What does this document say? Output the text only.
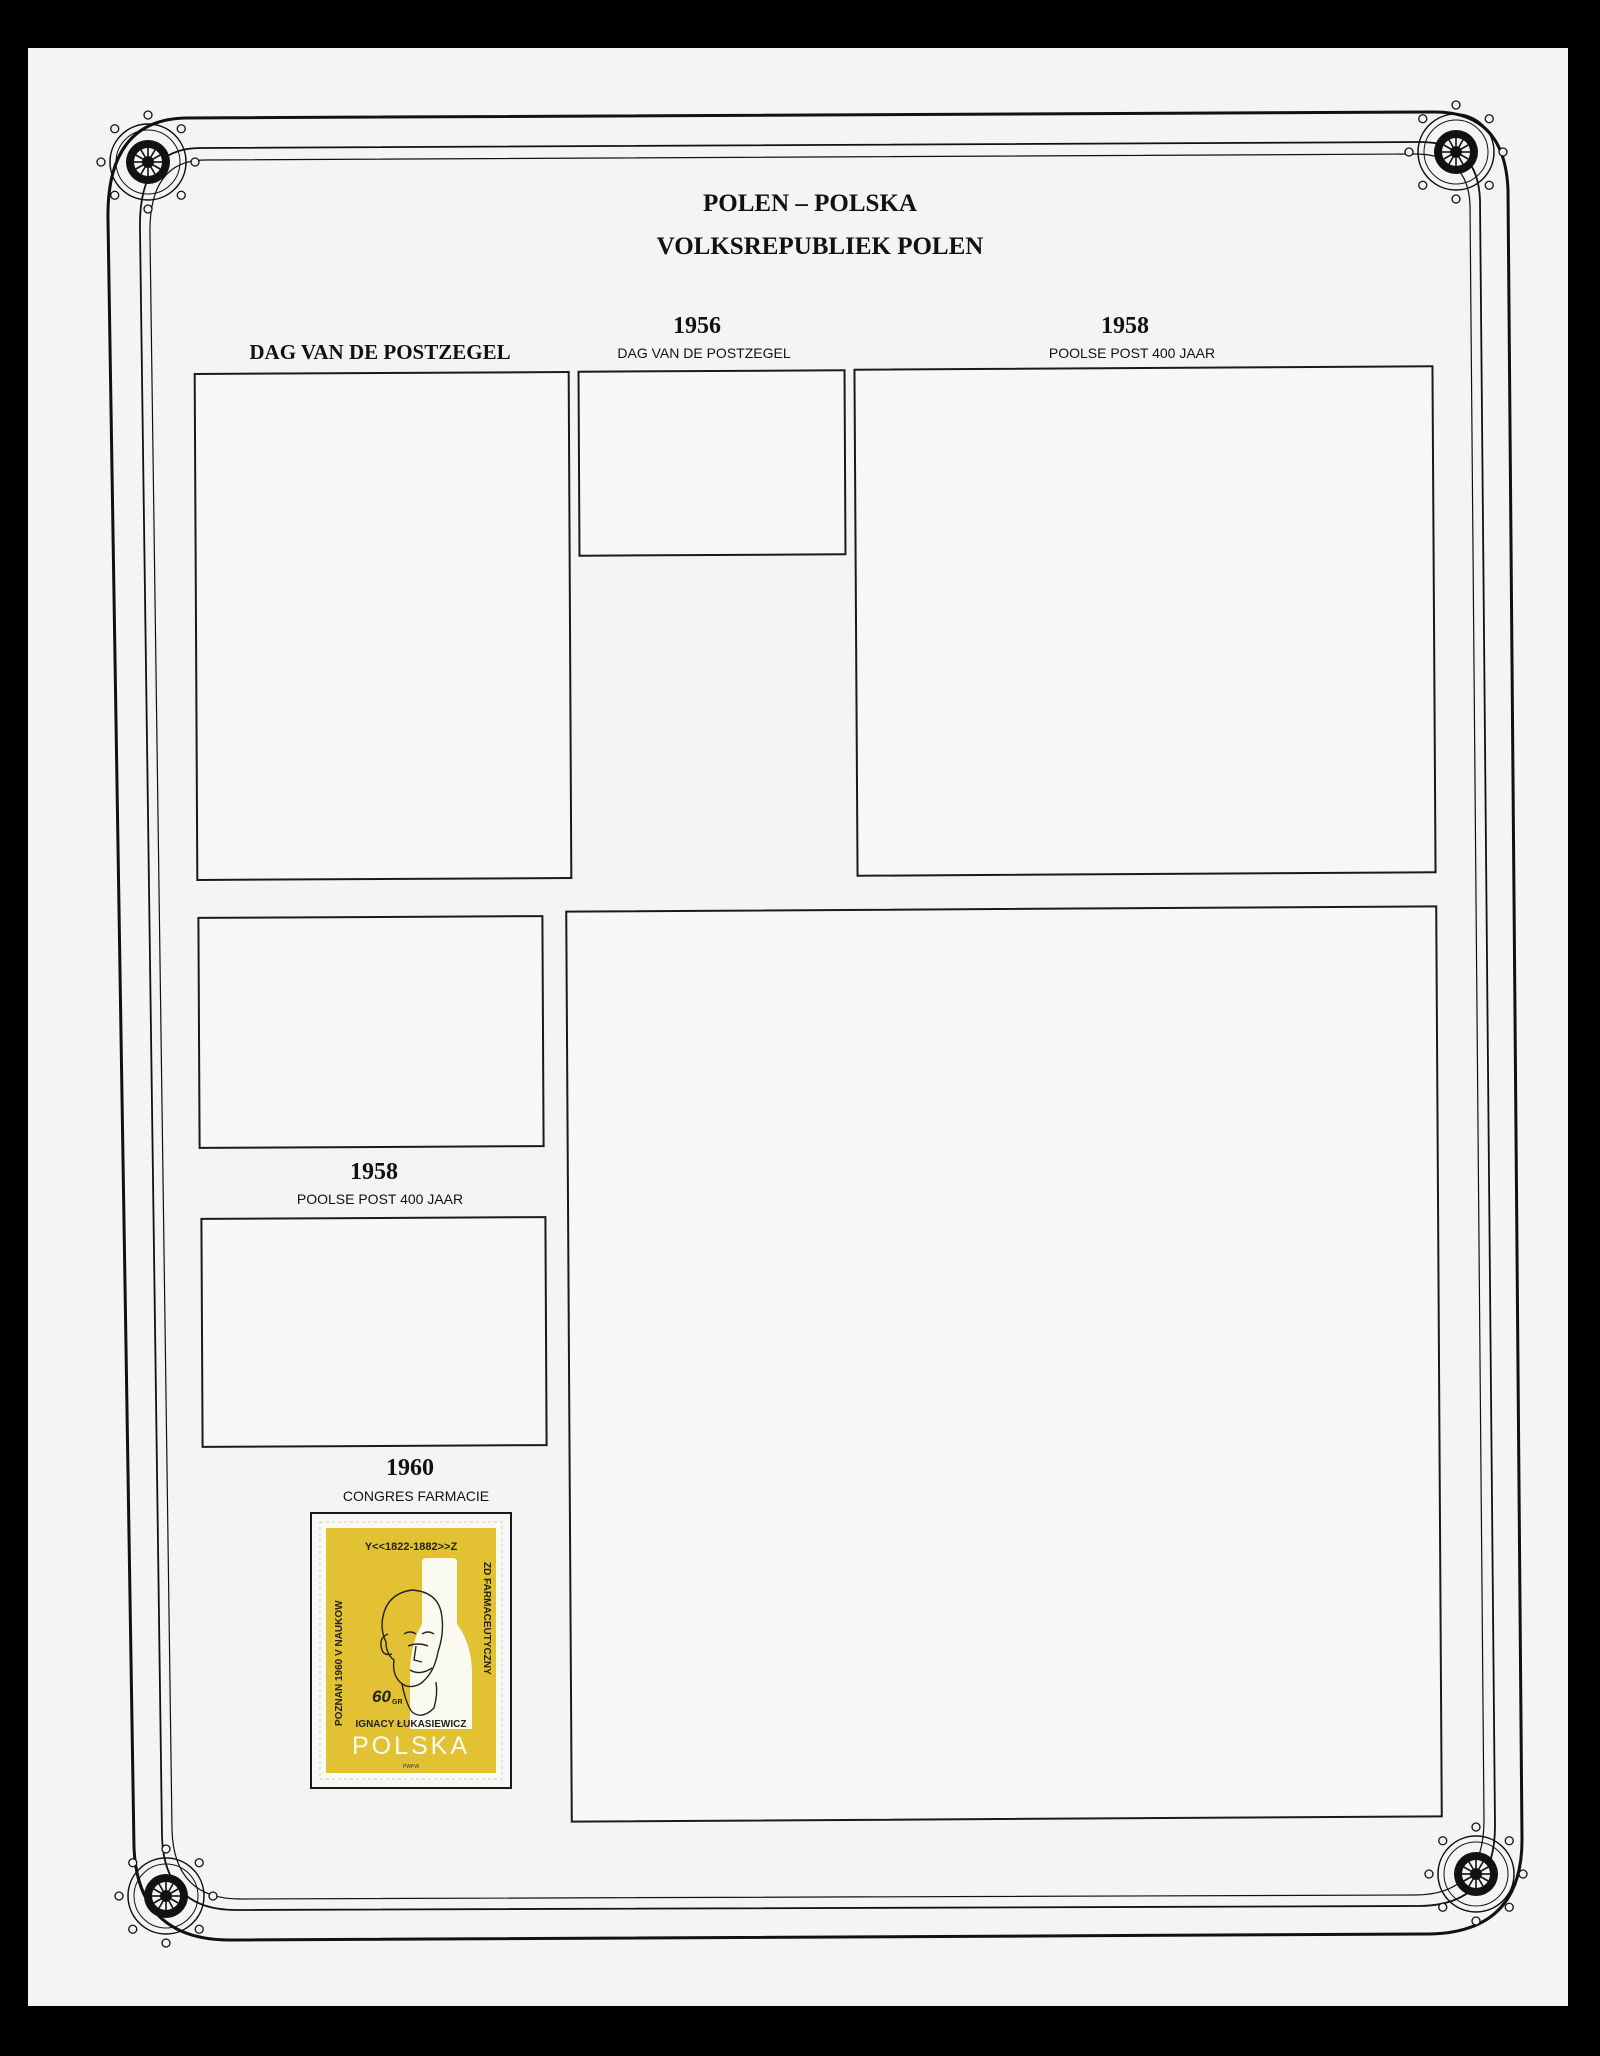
POLEN – POLSKA
VOLKSREPUBLIEK POLEN
DAG VAN DE POSTZEGEL
1956
DAG VAN DE POSTZEGEL
1958
POOLSE POST 400 JAAR
1958
POOLSE POST 400 JAAR
1960
CONGRES FARMACIE
Y<<1822-1882>>Z
POZNAN 1960 V NAUKOW	ZD FARMACEUTYCZNY
60 GR
IGNACY ŁUKASIEWICZ
POLSKA
PWPW
